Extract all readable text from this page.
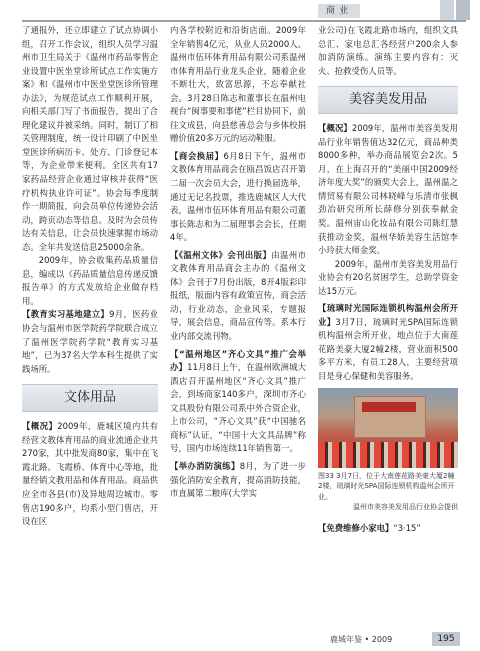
商业

了通报外，还立即建立了试点协调小组，召开工作会议，组织人员学习温州市卫生局关于《温州市药品零售企业设置中医坐堂诊所试点工作实施方案》和《温州市中医坐堂医诊所管理办法》，为规范试点工作顺利开展，向相关部门写了书面报告，提出了合理化建议并被采纳。同时，制订了相关管理制度，统一设计印刷了中医坐堂医诊所病历卡、处方、门诊登记本等，为企业带来便利。全区共有17家药品经营企业通过审核并获得“医疗机构执业许可证”。协会每季度制作一期简报，向会员单位传递协会活动，跨页动态等信息。及时为会员传达有关信息，让会员快速掌握市场动态。全年共发送信息25000余条。

2009年，协会收集药品质量信息，编成以《药品质量信息传递反馈报告单》的方式发放给企业做存档用。

【教育实习基地建立】9月，医药业协会与温州市医学院药学院联合成立了温州医学院药学院“教育实习基地”，已为37名大学本科生提供了实践场所。

文体用品

【概况】2009年，鹿城区境内共有经营文教体育用品的商业流通企业共270家，其中批发商80家，集中在飞霞北路。飞霞桥、体育中心等地，批量经销文教用品和体育用品。商品供应全市各县(市)及异地周边城市。零售店190多户，均系小型门售店，开设在区

内各学校附近和沿街店面。2009年全年销售4亿元，从业人员2000人。温州市伍环体育用品有限公司系温州市体育用品行业龙头企业，随着企业不断壮大，致富思源，不忘奉献社会。3月28日陈志和董事长在温州电视台“闽事要和事佬”栏目协同下，前往文成县，向县慈善总会与乡体校捐赠价值20多万元的运动鞋服。

【商会换届】6月8日下午，温州市文教体育用品商会在瓯昌饭店召开第二届一次会员大会，进行换届选举，通过无记名投票，推选鹿城区人大代表，温州市伍环体育用品有限公司董事长陈志和为二届理事会会长，任期4年。

【《温州文体》会刊出版】由温州市文教体育用品商会主办的《温州文体》会刊于7月份出版，8开4版彩印报纸，版面内容有政策宣传，商会活动，行业动态，企业风采，专题报导，展会信息，商品宣传等。系本行业内部交流刊物。

【“温州地区”齐心文具”推广会举办】11月8日上午，在温州欧洲城大酒店召开温州地区“齐心文具”推广会，到场商家140多户，深圳市齐心文具股份有限公司系中外合资企业，上市公司，“齐心文具”获“中国驰名商标”认证，“中国十大文具品牌”称号，国内市场连续11年销售第一。

【举办消防演练】8月，为了进一步强化消防安全教育，提高消防技能，市直属第二粮库(大学实

业公司)在飞霞北路市场内，组织文具总汇、家电总汇各经营户200余人参加消防演练。演练主要内容有：灭火、抢救受伤人员等。

美容美发用品

【概况】2009年，温州市美容美发用品行业年销售值达32亿元，商品种类8000多种，举办商品展览会2次。5月，在上海召开的“美丽中国2009经济年度大奖”的颁奖大会上，温州温之情贸易有限公司林晓峰与乐清市张枫劲冶研究所所长薛修分别获奉献金奖。温州宙山化妆品有限公司陈红慧获推动金奖，温州华娇美容生活馆李小玲获大师金奖。

2009年，温州市美容美发用品行业协会有20名贫困学生，总助学资金达15万元。

【琉璃时光国际连锁机构温州会所开业】3月7日，琉璃时光SPA国际连锁机构温州会所开业，地点位于大南莲花路美豪大厦2幢2楼，营业面积500多平方米，有员工28人，主要经营项目是身心保健和美容服务。

图33 3月7日，位于大南莲花路美豪大厦2幢2楼，琉璃时光SPA国际连锁机构温州会所开业。
温州市美容美发用品行业协会提供

【免费维修小家电】“3·15”

鹿城年鉴 • 2009	195
